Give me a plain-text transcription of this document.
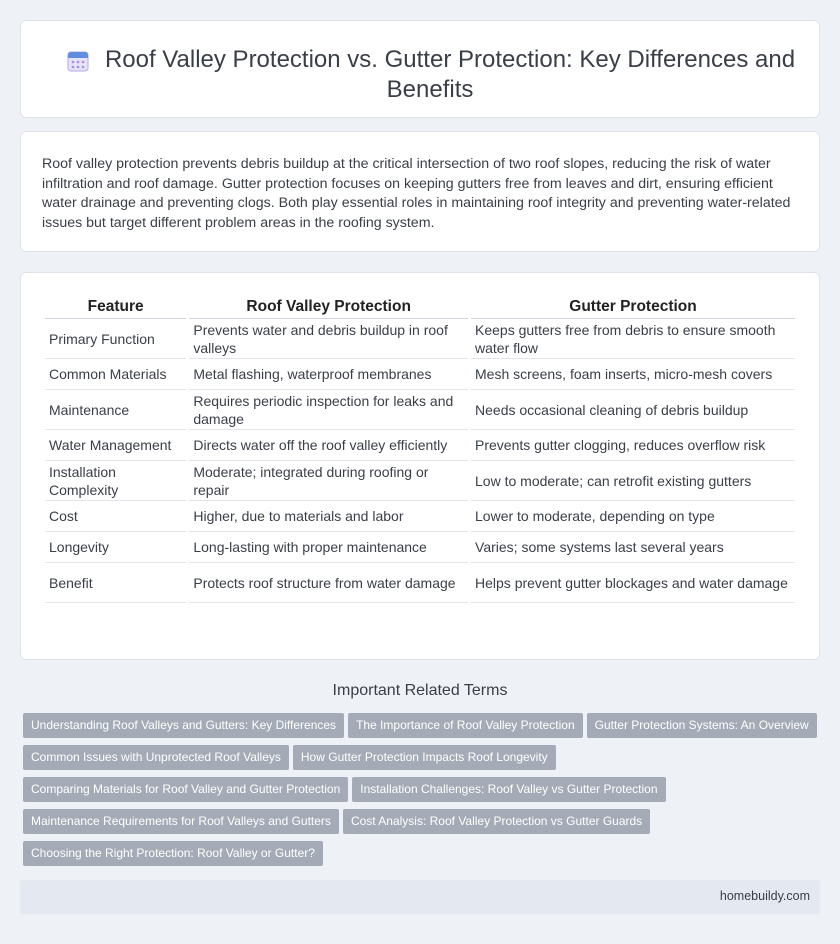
Roof Valley Protection vs. Gutter Protection: Key Differences and Benefits

Roof valley protection prevents debris buildup at the critical intersection of two roof slopes, reducing the risk of water infiltration and roof damage. Gutter protection focuses on keeping gutters free from leaves and dirt, ensuring efficient water drainage and preventing clogs. Both play essential roles in maintaining roof integrity and preventing water-related issues but target different problem areas in the roofing system.

Feature	Roof Valley Protection	Gutter Protection
Primary Function	Prevents water and debris buildup in roof valleys	Keeps gutters free from debris to ensure smooth water flow
Common Materials	Metal flashing, waterproof membranes	Mesh screens, foam inserts, micro-mesh covers
Maintenance	Requires periodic inspection for leaks and damage	Needs occasional cleaning of debris buildup
Water Management	Directs water off the roof valley efficiently	Prevents gutter clogging, reduces overflow risk
Installation Complexity	Moderate; integrated during roofing or repair	Low to moderate; can retrofit existing gutters
Cost	Higher, due to materials and labor	Lower to moderate, depending on type
Longevity	Long-lasting with proper maintenance	Varies; some systems last several years
Benefit	Protects roof structure from water damage	Helps prevent gutter blockages and water damage
Important Related Terms
Understanding Roof Valleys and Gutters: Key Differences The Importance of Roof Valley Protection Gutter Protection Systems: An Overview
Common Issues with Unprotected Roof Valleys How Gutter Protection Impacts Roof Longevity
Comparing Materials for Roof Valley and Gutter Protection Installation Challenges: Roof Valley vs Gutter Protection
Maintenance Requirements for Roof Valleys and Gutters Cost Analysis: Roof Valley Protection vs Gutter Guards
Choosing the Right Protection: Roof Valley or Gutter?
homebuildy.com
